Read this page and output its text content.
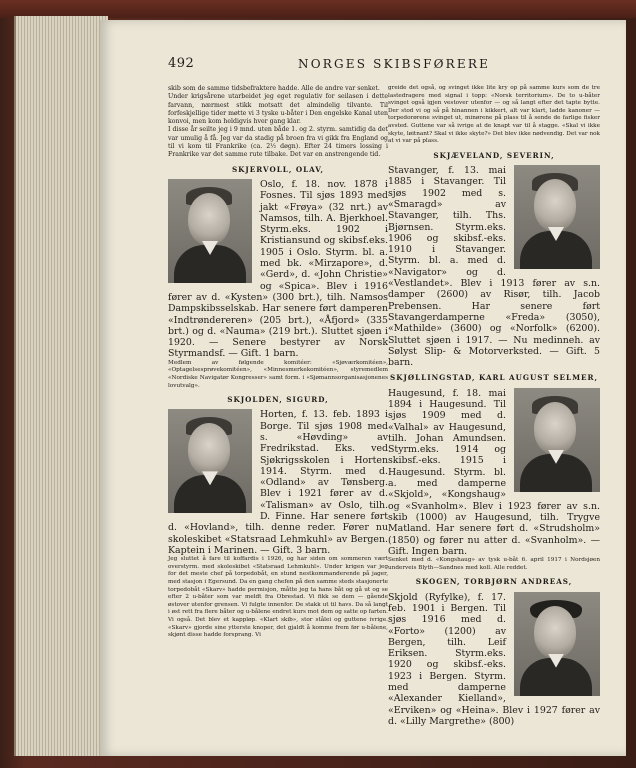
492	NORGES SKIBSFØRERE

skib som de samme tidsbefraktere hadde. Alle de andre var senket.

Under krigsårene utarbeidet jeg eget regulativ for seilasen i dette farvann, nærmest stikk motsatt det almindelig tilvante. Til forfeskjellige tider møtte vi 3 tyske u-båter i Den engelske Kanal uten konvoi, men kom heldigvis hver gang klar.

I disse år seilte jeg i 9 mnd. uten både 1. og 2. styrm. samtidig da det var umulig å få. Jeg var da stadig på broen fra vi gikk fra England og til vi kom til Frankrike (ca. 2½ døgn). Efter 24 timers lossing i Frankrike var det samme rute tilbake. Det var en anstrengende tid.

SKJERVOLL, OLAV,

Oslo, f. 18. nov. 1878 i Fosnes. Til sjøs 1893 med jakt «Frøya» (32 nrt.) av Namsos, tilh. A. Bjerkhoel. Styrm.eks. 1902 i Kristiansund og skibsf.eks. 1905 i Oslo. Styrm. bl. a. med bk. «Mirzapore», d. «Gerd», d. «John Christie» og «Spica». Blev i 1916 fører av d. «Kysten» (300 brt.), tilh. Namsos Dampskibsselskab. Har senere ført damperen «Indtrøndereren» (205 brt.), «Åfjord» (335 brt.) og d. «Nauma» (219 brt.). Sluttet sjøen i 1920. — Senere bestyrer av Norsk Styrmandsf. — Gift. 1 barn.

Medlem av følgende komitéer: «Sjøværkomitéen», «Optagelsesprøvekomitéen», «Minnesmerkekomitéen», styremedlem «Nordiske Navigatør Kongresser» samt form. i «Sjømannsorganisasjonenes lovutvalg».

SKJOLDEN, SIGURD,

Horten, f. 13. feb. 1893 i Borge. Til sjøs 1908 med s. «Høvding» av Fredrikstad. Eks. ved Sjøkrigsskolen i Horten 1914. Styrm. med d. «Odland» av Tønsberg. Blev i 1921 fører av d. «Talisman» av Oslo, tilh. D. Finne. Har senere ført d. «Hovland», tilh. denne reder. Fører nu skoleskibet «Statsraad Lehmkuhl» av Bergen. Kaptein i Marinen. — Gift. 3 barn.

Jeg sluttet å fare til koffardis i 1926, og har siden om sommeren vært overstyrm. med skoleskibet «Statsraad Lehmkuhl». Under krigen var jeg for det meste chef på torpedobåt, en stund nestkommanderende på jager, med stasjon i Egersund. Da en gang chefen på den samme steds stasjonerte torpedobåt «Skarv» hadde permisjon, måtte jeg ta hans båt og gå ut og se efter 2 u-båter som var meldt fra Obrestad. Vi fikk se dem — gående østover utenfor grensen. Vi fulgte innenfor. De stakk ut til havs. Da så langt i øst rett fra flere båter og u-bålene endret kurs mot dem og satte op farten. Vi også. Det blev et kappløp. «Klart skib», stor stålei og guttene ivrige. «Skarv» gjorde sine ytterste knoper, det gjaldt å komme frem før u-bålene, skjønt disse hadde forsprang. Vi

greide det også, og svinget ikke lite kry op på samme kurs som de tre lastedragere med signal i topp: «Norsk territorium». De to u-båter svinget også igjen vestover utenfor — og så langt efter det tapte bytte. Der stod vi og så på hinannen i kikkert, alt var klart, ladde kanoner — torpedorørene svinget ut, minørene på plass til å sende de farlige fisker avsted. Guttene var så ivrige at de knapt var til å stagge. «Skal vi ikke skyte, løitnant? Skal vi ikke skyte?» Det blev ikke nødvendig. Det var nok at vi var på plass.

SKJÆVELAND, SEVERIN,

Stavanger, f. 13. mai 1885 i Stavanger. Til sjøs 1902 med s. «Smaragd» av Stavanger, tilh. Ths. Bjørnsen. Styrm.eks. 1906 og skibsf.-eks. 1910 i Stavanger. Styrm. bl. a. med d. «Navigator» og d. «Vestlandet». Blev i 1913 fører av s.n. damper (2600) av Risør, tilh. Jacob Prebensen. Har senere ført Stavangerdamperne «Freda» (3050), «Mathilde» (3600) og «Norfolk» (6200). Sluttet sjøen i 1917. — Nu medinneh. av Sølyst Slip- & Motorverksted. — Gift. 5 barn.

SKJØLLINGSTAD, KARL AUGUST SELMER,

Haugesund, f. 18. mai 1894 i Haugesund. Til sjøs 1909 med d. «Valhal» av Haugesund, tilh. Johan Amundsen. Styrm.eks. 1914 og skibsf.-eks. 1915 i Haugesund. Styrm. bl. a. med damperne «Skjold», «Kongshaug» og «Svanholm». Blev i 1923 fører av s.n. skib (1000) av Haugesund, tilh. Trygve Matland. Har senere ført d. «Strudsholm» (1850) og fører nu atter d. «Svanholm». — Gift. Ingen barn.

Senket med d. «Kongshaug» av tysk u-båt 6. april 1917 i Nordsjøen underveis Blyth—Sandnes med koll. Alle reddet.

SKOGEN, TORBJØRN ANDREAS,

Skjold (Ryfylke), f. 17. feb. 1901 i Bergen. Til sjøs 1916 med d. «Forto» (1200) av Bergen, tilh. Leif Eriksen. Styrm.eks. 1920 og skibsf.-eks. 1923 i Bergen. Styrm. med damperne «Alexander Kielland», «Erviken» og «Heina». Blev i 1927 fører av d. «Lilly Margrethe» (800)
